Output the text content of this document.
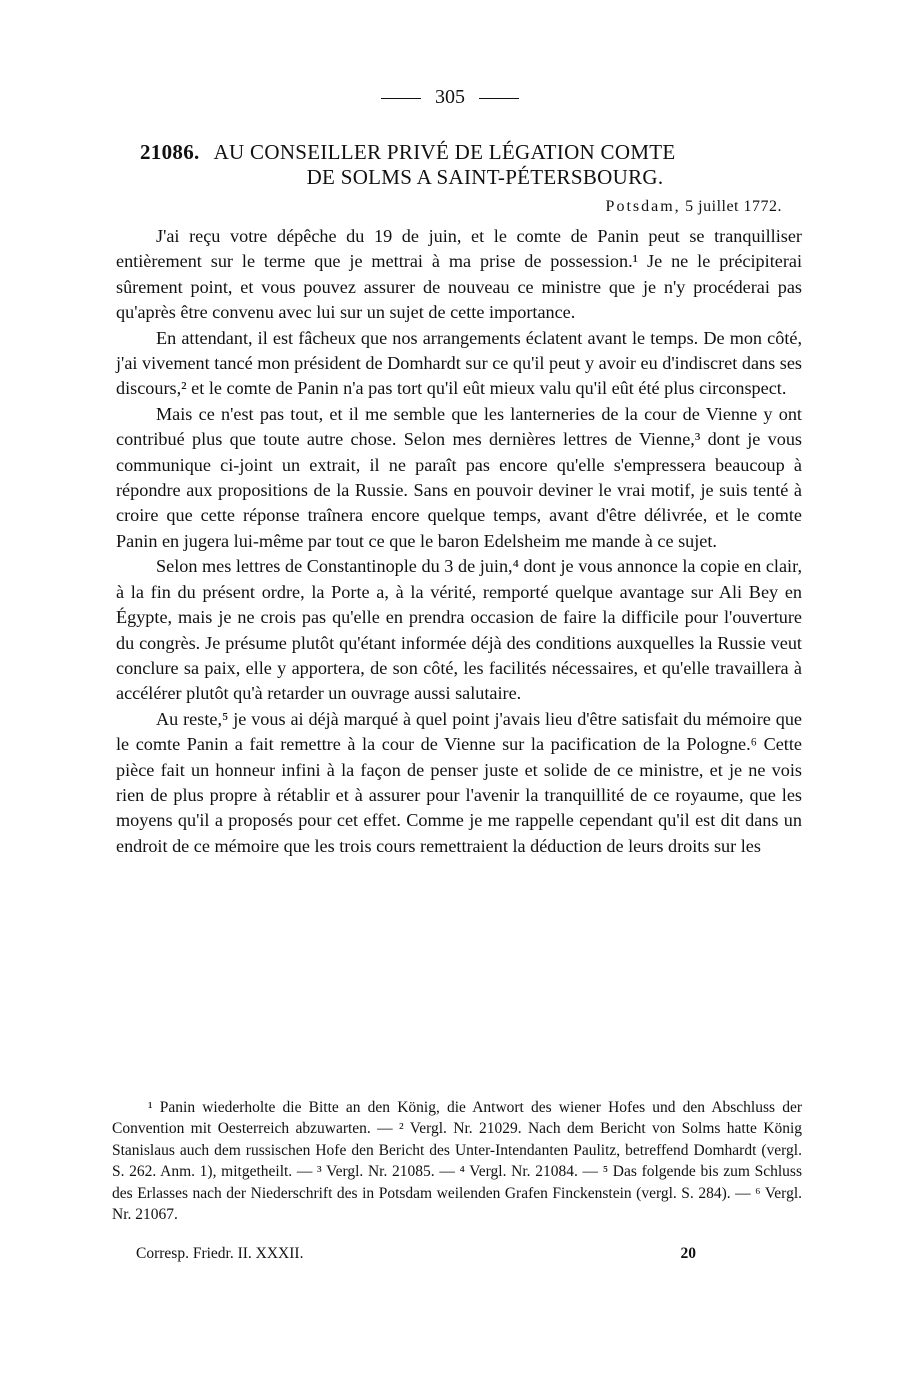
305
21086. AU CONSEILLER PRIVÉ DE LÉGATION COMTE
DE SOLMS A SAINT-PÉTERSBOURG.
Potsdam, 5 juillet 1772.

J'ai reçu votre dépêche du 19 de juin, et le comte de Panin peut se tranquilliser entièrement sur le terme que je mettrai à ma prise de possession.¹ Je ne le précipiterai sûrement point, et vous pouvez assurer de nouveau ce ministre que je n'y procéderai pas qu'après être convenu avec lui sur un sujet de cette importance.

En attendant, il est fâcheux que nos arrangements éclatent avant le temps. De mon côté, j'ai vivement tancé mon président de Domhardt sur ce qu'il peut y avoir eu d'indiscret dans ses discours,² et le comte de Panin n'a pas tort qu'il eût mieux valu qu'il eût été plus circonspect.

Mais ce n'est pas tout, et il me semble que les lanterneries de la cour de Vienne y ont contribué plus que toute autre chose. Selon mes dernières lettres de Vienne,³ dont je vous communique ci-joint un extrait, il ne paraît pas encore qu'elle s'empressera beaucoup à répondre aux propositions de la Russie. Sans en pouvoir deviner le vrai motif, je suis tenté à croire que cette réponse traînera encore quelque temps, avant d'être délivrée, et le comte Panin en jugera lui-même par tout ce que le baron Edelsheim me mande à ce sujet.

Selon mes lettres de Constantinople du 3 de juin,⁴ dont je vous annonce la copie en clair, à la fin du présent ordre, la Porte a, à la vérité, remporté quelque avantage sur Ali Bey en Égypte, mais je ne crois pas qu'elle en prendra occasion de faire la difficile pour l'ouverture du congrès. Je présume plutôt qu'étant informée déjà des conditions auxquelles la Russie veut conclure sa paix, elle y apportera, de son côté, les facilités nécessaires, et qu'elle travaillera à accélérer plutôt qu'à retarder un ouvrage aussi salutaire.

Au reste,⁵ je vous ai déjà marqué à quel point j'avais lieu d'être satisfait du mémoire que le comte Panin a fait remettre à la cour de Vienne sur la pacification de la Pologne.⁶ Cette pièce fait un honneur infini à la façon de penser juste et solide de ce ministre, et je ne vois rien de plus propre à rétablir et à assurer pour l'avenir la tranquillité de ce royaume, que les moyens qu'il a proposés pour cet effet. Comme je me rappelle cependant qu'il est dit dans un endroit de ce mémoire que les trois cours remettraient la déduction de leurs droits sur les

¹ Panin wiederholte die Bitte an den König, die Antwort des wiener Hofes und den Abschluss der Convention mit Oesterreich abzuwarten. — ² Vergl. Nr. 21029. Nach dem Bericht von Solms hatte König Stanislaus auch dem russischen Hofe den Bericht des Unter-Intendanten Paulitz, betreffend Domhardt (vergl. S. 262. Anm. 1), mitgetheilt. — ³ Vergl. Nr. 21085. — ⁴ Vergl. Nr. 21084. — ⁵ Das folgende bis zum Schluss des Erlasses nach der Niederschrift des in Potsdam weilenden Grafen Finckenstein (vergl. S. 284). — ⁶ Vergl. Nr. 21067.

Corresp. Friedr. II. XXXII.	20
